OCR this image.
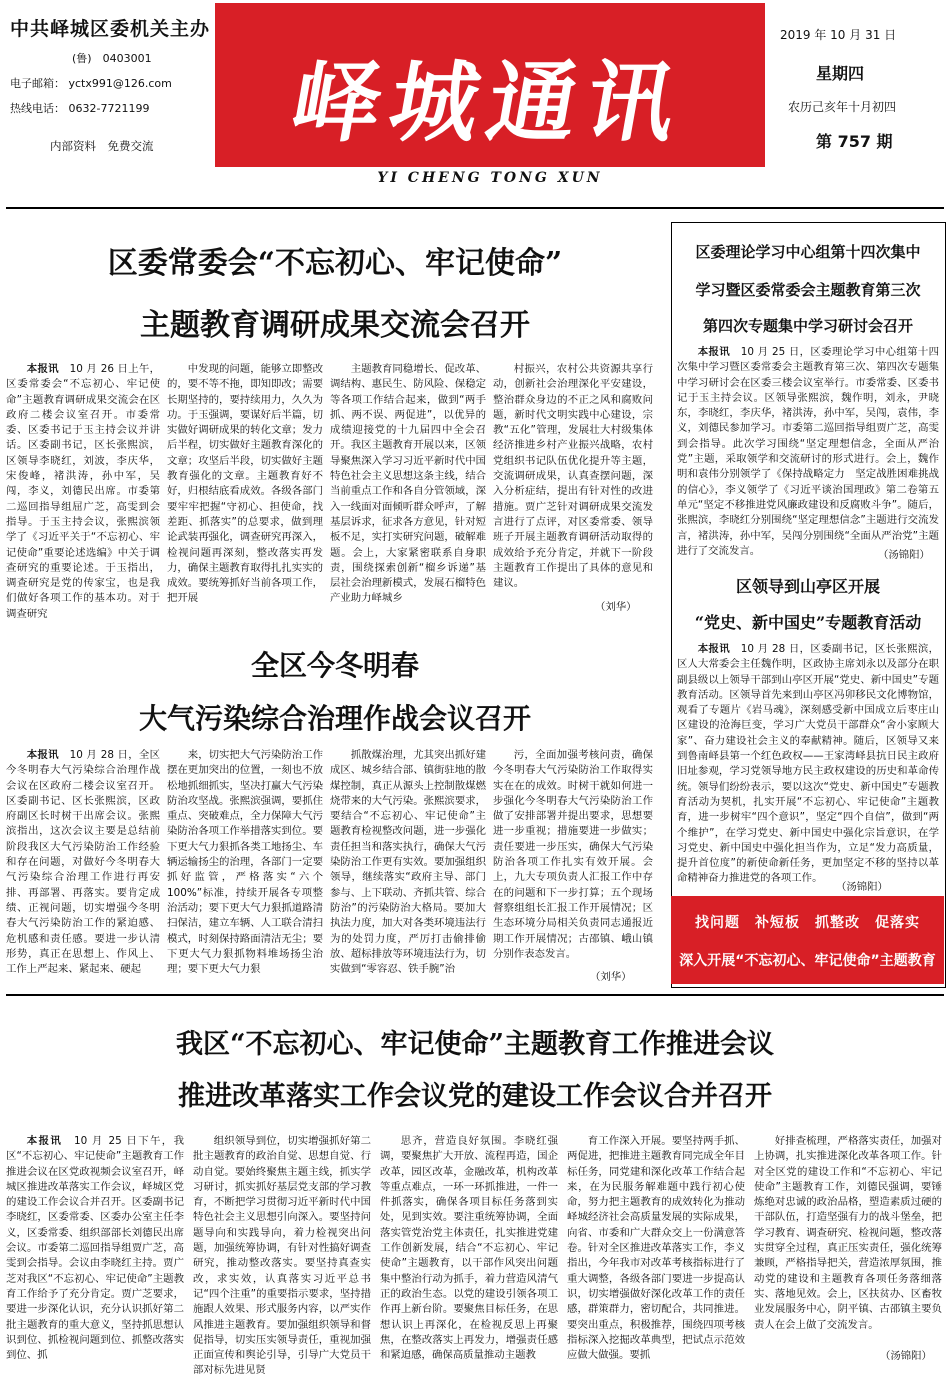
中共峄城区委机关主办
(鲁)　0403001
电子邮箱： yctx991@126.com
热线电话： 0632-7721199
内部资料　免费交流	峄城通讯
YI CHENG TONG XUN
2019 年 10 月 31 日
星期四
农历己亥年十月初四
第 757 期
区委常委会“不忘初心、牢记使命”
主题教育调研成果交流会召开

本报讯　 10 月 26 日上午，区委常委会“不忘初心、牢记使命”主题教育调研成果交流会在区政府二楼会议室召开。市委常委、区委书记于玉主持会议并讲话。区委副书记，区长张熙滨，区领导李晓红，刘波，李庆华，宋俊峰，褚洪涛，孙中军，吴闯，李义，刘德民出席。市委第二巡回指导组屈广芝，高雯到会指导。于玉主持会议，张熙滨领学了《习近平关于“不忘初心、牢记使命”重要论述选编》中关于调查研究的重要论述。于玉指出，调查研究是党的传家宝，也是我们做好各项工作的基本功。对于调查研究

中发现的问题，能够立即整改的，要不等不拖，即知即改；需要长期坚持的，要持续用力，久久为功。于玉强调，要谋好后半篇，切实做好调研成果的转化文章；发力后半程，切实做好主题教育深化的文章；攻坚后半段，切实做好主题教育强化的文章。主题教育好不好，归根结底看成效。各级各部门要牢牢把握“守初心、担使命，找差距、抓落实”的总要求，做到理论武装再强化，调查研究再深入，检视问题再深刻，整改落实再发力，确保主题教育取得扎扎实实的成效。要统筹抓好当前各项工作，把开展

主题教育同稳增长、促改革、调结构、惠民生、防风险、保稳定等各项工作结合起来，做到“两手抓、两不误、两促进”，以优异的成绩迎接党的十九届四中全会召开。我区主题教育开展以来，区领导聚焦深入学习习近平新时代中国特色社会主义思想这条主线，结合当前重点工作和各自分管领域，深入一线面对面倾听群众呼声，了解基层诉求，征求各方意见，针对短板不足，实打实研究问题，破解难题。会上，大家紧密联系自身职责，围绕探索创新“榴乡诉递”基层社会治理新模式，发展石榴特色产业助力峄城乡

村振兴，农村公共资源共享行动，创新社会治理深化平安建设，整治群众身边的不正之风和腐败问题，新时代文明实践中心建设，宗教“五化”管理，发展壮大村级集体经济推进乡村产业振兴战略，农村党组织书记队伍优化提升等主题，交流调研成果，认真查摆问题，深入分析症结，提出有针对性的改进措施。贾广芝针对调研成果交流发言进行了点评，对区委常委、领导班子开展主题教育调研活动取得的成效给予充分肯定，并就下一阶段主题教育工作提出了具体的意见和建议。

（刘华）
全区今冬明春
大气污染综合治理作战会议召开

本报讯　 10 月 28 日，全区今冬明春大气污染综合治理作战会议在区政府二楼会议室召开。区委副书记、区长张熙滨，区政府副区长时树干出席会议。张熙滨指出，这次会议主要是总结前阶段我区大气污染防治工作经验和存在问题，对做好今冬明春大气污染综合治理工作进行再安排、再部署、再落实。要肯定成绩、正视问题，切实增强今冬明春大气污染防治工作的紧迫感、危机感和责任感。要进一步认清形势，真正在思想上、作风上、工作上严起来、紧起来、硬起

来，切实把大气污染防治工作摆在更加突出的位置，一刻也不放松地抓细抓实，坚决打赢大气污染防治攻坚战。张熙滨强调，要抓住重点、突破难点，全力保障大气污染防治各项工作举措落实到位。要下更大气力狠抓各类工地扬尘、车辆运输扬尘的治理，各部门一定要抓好监管，严格落实“六个 100%”标准，持续开展各专项整治活动；要下更大气力狠抓道路清扫保洁，建立车辆、人工联合清扫模式，时刻保持路面清洁无尘；要下更大气力狠抓物料堆场扬尘治理；要下更大气力狠

抓散煤治理，尤其突出抓好建成区、城乡结合部、镇街驻地的散煤控制，真正从源头上控制散煤燃烧带来的大气污染。张熙滨要求，要结合“不忘初心、牢记使命”主题教育检视整改问题，进一步强化责任担当和落实执行，确保大气污染防治工作更有实效。要加强组织领导，继续落实“政府主导、部门参与、上下联动、齐抓共管、综合防治”的污染防治大格局。要加大执法力度，加大对各类环境违法行为的处罚力度，严厉打击偷排偷放、超标排放等环境违法行为，切实做到“零容忍、铁手腕”治

污，全面加强考核问责，确保今冬明春大气污染防治工作取得实实在在的成效。时树干就如何进一步强化今冬明春大气污染防治工作做了安排部署并提出要求，思想要进一步重视；措施要进一步做实；责任要进一步压实，确保大气污染防治各项工作扎实有效开展。会上，九大专项负责人汇报工作中存在的问题和下一步打算；五个现场督察组组长汇报工作开展情况；区生态环境分局相关负责同志通报近期工作开展情况；古邵镇、峨山镇分别作表态发言。

（刘华）
区委理论学习中心组第十四次集中
学习暨区委常委会主题教育第三次
第四次专题集中学习研讨会召开

本报讯　 10 月 25 日，区委理论学习中心组第十四次集中学习暨区委常委会主题教育第三次、第四次专题集中学习研讨会在区委三楼会议室举行。市委常委、区委书记于玉主持会议。区领导张熙滨，魏作明，刘永，尹晓东，李晓红，李庆华，褚洪涛，孙中军，吴闯，袁伟，李义，刘德民参加学习。市委第二巡回指导组贾广芝，高雯到会指导。此次学习围绕“坚定理想信念，全面从严治党”主题，采取领学和交流研讨的形式进行。会上，魏作明和袁伟分别领学了《保持战略定力　坚定战胜困难挑战的信心》，李义领学了《习近平谈治国理政》第二卷第五单元“坚定不移推进党风廉政建设和反腐败斗争”。随后，张熙滨，李晓红分别围绕“坚定理想信念”主题进行交流发言，褚洪涛，孙中军，吴闯分别围绕“全面从严治党”主题进行了交流发言。	（汤锦阳）
区领导到山亭区开展
“党史、新中国史”专题教育活动

本报讯　 10 月 28 日，区委副书记，区长张熙滨，区人大常委会主任魏作明，区政协主席刘永以及部分在职副县级以上领导干部到山亭区开展“党史、新中国史”专题教育活动。区领导首先来到山亭区冯卯移民文化博物馆，观看了专题片《岩马魂》，深刻感受新中国成立后枣庄山区建设的沧海巨变，学习广大党员干部群众“舍小家顾大家”、奋力建设社会主义的奉献精神。随后，区领导又来到鲁南峄县第一个红色政权——王家湾峄县抗日民主政府旧址参观，学习党领导地方民主政权建设的历史和革命传统。领导们纷纷表示，要以这次“党史、新中国史”专题教育活动为契机，扎实开展“不忘初心、牢记使命”主题教育，进一步树牢“四个意识”，坚定“四个自信”，做到“两个维护”，在学习党史、新中国史中强化宗旨意识，在学习党史、新中国史中强化担当作为，立足“发力高质量，提升首位度”的新使命新任务，更加坚定不移的坚持以革命精神奋力推进党的各项工作。

（汤锦阳）
找问题　补短板　抓整改　促落实
深入开展“不忘初心、牢记使命”主题教育
我区“不忘初心、牢记使命”主题教育工作推进会议
推进改革落实工作会议党的建设工作会议合并召开

本报讯　 10 月 25 日下午，我区“不忘初心、牢记使命”主题教育工作推进会议在区党政视频会议室召开，峄城区推进改革落实工作会议，峄城区党的建设工作会议合并召开。区委副书记李晓红，区委常委、区委办公室主任李义，区委常委、组织部部长刘德民出席会议。市委第二巡回指导组贾广芝，高雯到会指导。会议由李晓红主持。贾广芝对我区“不忘初心、牢记使命”主题教育工作给予了充分肯定。贾广芝要求，要进一步深化认识，充分认识抓好第二批主题教育的重大意义，坚持抓思想认识到位、抓检视问题到位、抓整改落实到位、抓

组织领导到位，切实增强抓好第二批主题教育的政治自觉、思想自觉、行动自觉。要始终聚焦主题主线，抓实学习研讨，抓实抓好基层党支部的学习教育，不断把学习贯彻习近平新时代中国特色社会主义思想引向深入。要坚持问题导向和实践导向，着力检视突出问题，加强统筹协调，有针对性搞好调查研究，推动整改落实。要坚持真查实改，求实效，认真落实习近平总书记“四个注重”的重要指示要求，坚持措施跟人效果、形式服务内容，以严实作风推进主题教育。要加强组织领导和督促指导，切实压实领导责任，重视加强正面宣传和舆论引导，引导广大党员干部对标先进见贤

思齐，营造良好氛围。李晓红强调，要聚焦扩大开放、流程再造，国企改革，园区改革，金融改革，机构改革等重点难点，一环一环抓推进，一件一件抓落实，确保各项目标任务落到实处，见到实效。要注重统筹协调，全面落实管党治党主体责任，扎实推进党建工作创新发展，结合“不忘初心、牢记使命”主题教育，以干部作风突出问题集中整治行动为抓手，着力营造风清气正的政治生态。以党的建设引领各项工作再上新台阶。要聚焦目标任务，在思想认识上再深化，在检视反思上再聚焦，在整改落实上再发力，增强责任感和紧迫感，确保高质量推动主题教

育工作深入开展。要坚持两手抓、两促进，把推进主题教育同完成全年目标任务，同党建和深化改革工作结合起来，在为民服务解难题中践行初心使命，努力把主题教育的成效转化为推动峄城经济社会高质量发展的实际成果，向省、市委和广大群众交上一份满意答卷。针对全区推进改革落实工作，李义指出，今年我市对改革考核指标进行了重大调整，各级各部门要进一步提高认识，切实增强做好深化改革工作的责任感，群策群力，密切配合，共同推进。要突出重点，积极推荐，围绕四项考核指标深入挖掘改革典型，把试点示范效应做大做强。要抓

好排查梳理，严格落实责任，加强对上协调，扎实推进深化改革各项工作。针对全区党的建设工作和“不忘初心、牢记使命”主题教育工作，刘德民强调，要锤炼绝对忠诚的政治品格，塑造素质过硬的干部队伍，打造坚强有力的战斗堡垒，把学习教育、调查研究、检视问题，整改落实贯穿全过程，真正压实责任，强化统筹兼顾，严格指导把关，营造浓厚氛围，推动党的建设和主题教育各项任务落细落实、落地见效。会上，区扶贫办、区畜牧业发展服务中心，阴平镇、古邵镇主要负责人在会上做了交流发言。

（汤锦阳）
